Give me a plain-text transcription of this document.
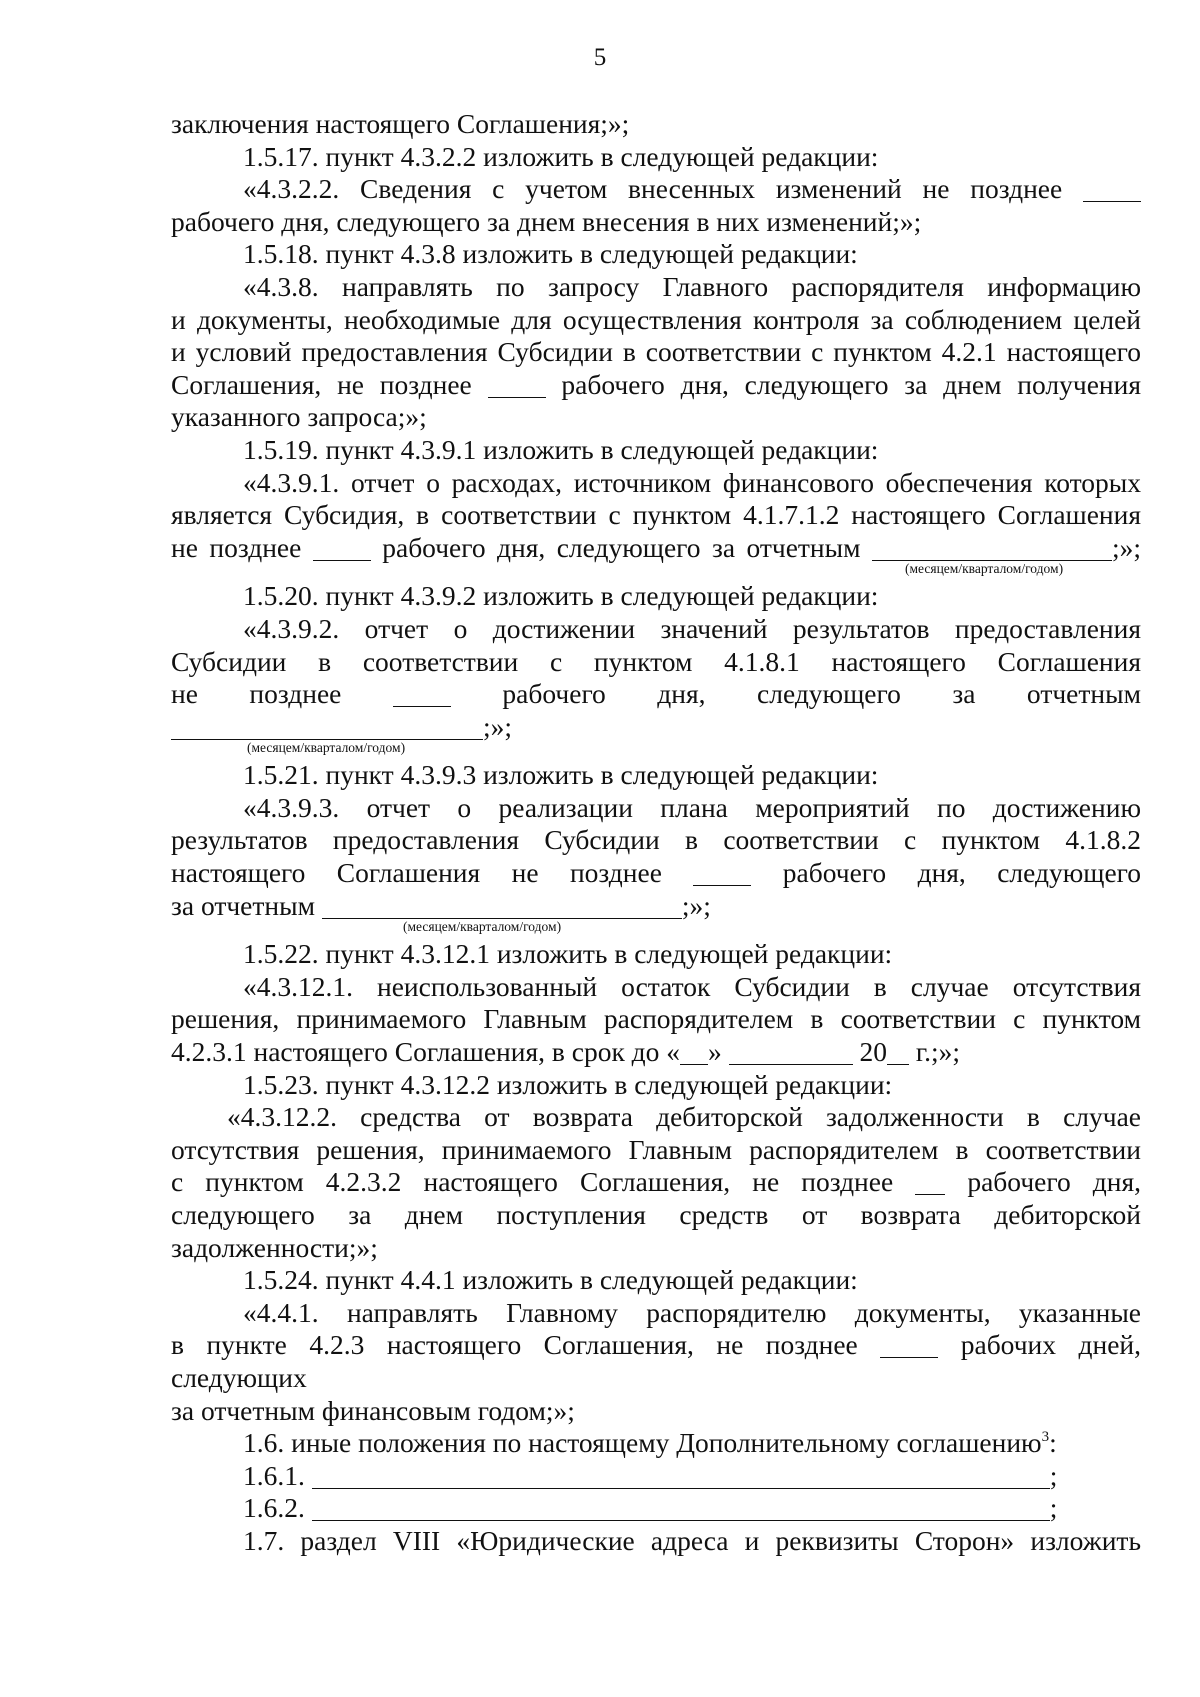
5
заключения настоящего Соглашения;»;
1.5.17. пункт 4.3.2.2 изложить в следующей редакции:
«4.3.2.2. Сведения с учетом внесенных изменений не позднее
рабочего дня, следующего за днем внесения в них изменений;»;
1.5.18. пункт 4.3.8 изложить в следующей редакции:
«4.3.8. направлять по запросу Главного распорядителя информацию
и документы, необходимые для осуществления контроля за соблюдением целей
и условий предоставления Субсидии в соответствии с пунктом 4.2.1 настоящего
Соглашения, не позднее	рабочего дня, следующего за днем получения
указанного запроса;»;
1.5.19. пункт 4.3.9.1 изложить в следующей редакции:
«4.3.9.1. отчет о расходах, источником финансового обеспечения которых
является Субсидия, в соответствии с пунктом 4.1.7.1.2 настоящего Соглашения
не позднее	рабочего дня, следующего за отчетным	;»;
(месяцем/кварталом/годом)
1.5.20. пункт 4.3.9.2 изложить в следующей редакции:
«4.3.9.2. отчет о достижении значений результатов предоставления
Субсидии в соответствии с пунктом 4.1.8.1 настоящего Соглашения
не позднее	рабочего дня, следующего за отчетным
;»;
(месяцем/кварталом/годом)
1.5.21. пункт 4.3.9.3 изложить в следующей редакции:
«4.3.9.3. отчет о реализации плана мероприятий по достижению
результатов предоставления Субсидии в соответствии с пунктом 4.1.8.2
настоящего Соглашения не позднее	рабочего дня, следующего
за отчетным	;»;
(месяцем/кварталом/годом)
1.5.22. пункт 4.3.12.1 изложить в следующей редакции:
«4.3.12.1. неиспользованный остаток Субсидии в случае отсутствия
решения, принимаемого Главным распорядителем в соответствии с пунктом
4.2.3.1 настоящего Соглашения, в срок до « »	20 г.;»;
1.5.23. пункт 4.3.12.2 изложить в следующей редакции:
«4.3.12.2. средства от возврата дебиторской задолженности в случае
отсутствия решения, принимаемого Главным распорядителем в соответствии
с пунктом 4.2.3.2 настоящего Соглашения, не позднее	рабочего дня,
следующего за днем поступления средств от возврата дебиторской
задолженности;»;
1.5.24. пункт 4.4.1 изложить в следующей редакции:
«4.4.1. направлять Главному распорядителю документы, указанные
в пункте 4.2.3 настоящего Соглашения, не позднее	рабочих дней,
следующих
за отчетным финансовым годом;»;
1.6. иные положения по настоящему Дополнительному соглашению$^3$:
1.6.1.	;
1.6.2.	;
1.7. раздел VIII «Юридические адреса и реквизиты Сторон» изложить
